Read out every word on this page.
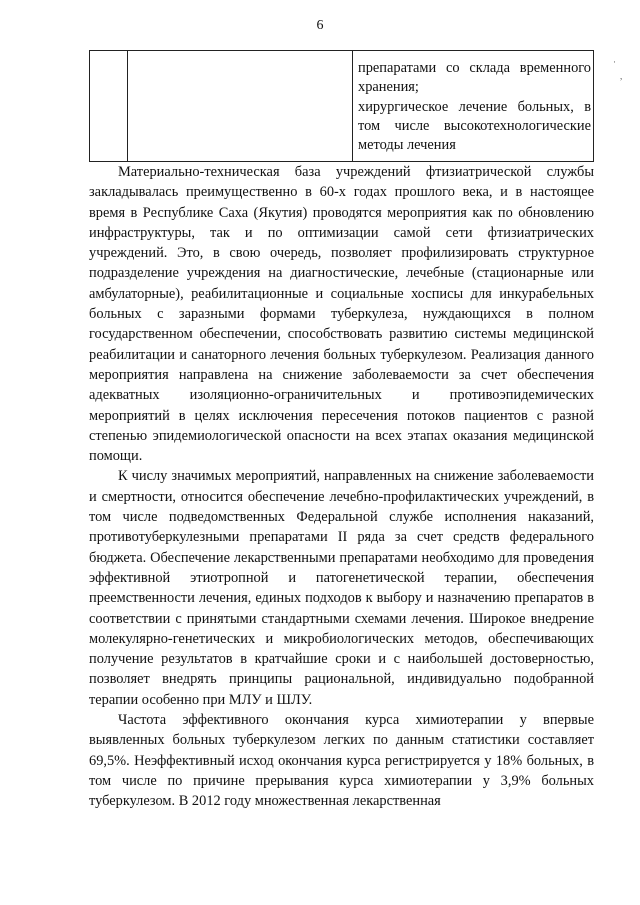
6

препаратами со склада временного хранения;
хирургическое лечение больных, в том числе высокотехнологические методы лечения

Материально-техническая база учреждений фтизиатрической службы закладывалась преимущественно в 60-х годах прошлого века, и в настоящее время в Республике Саха (Якутия) проводятся мероприятия как по обновлению инфраструктуры, так и по оптимизации самой сети фтизиатрических учреждений. Это, в свою очередь, позволяет профилизировать структурное подразделение учреждения на диагностические, лечебные (стационарные или амбулаторные), реабилитационные и социальные хосписы для инкурабельных больных с заразными формами туберкулеза, нуждающихся в полном государственном обеспечении, способствовать развитию системы медицинской реабилитации и санаторного лечения больных туберкулезом. Реализация данного мероприятия направлена на снижение заболеваемости за счет обеспечения адекватных изоляционно-ограничительных и противоэпидемических мероприятий в целях исключения пересечения потоков пациентов с разной степенью эпидемиологической опасности на всех этапах оказания медицинской помощи.

К числу значимых мероприятий, направленных на снижение заболеваемости и смертности, относится обеспечение лечебно-профилактических учреждений, в том числе подведомственных Федеральной службе исполнения наказаний, противотуберкулезными препаратами II ряда за счет средств федерального бюджета. Обеспечение лекарственными препаратами необходимо для проведения эффективной этиотропной и патогенетической терапии, обеспечения преемственности лечения, единых подходов к выбору и назначению препаратов в соответствии с принятыми стандартными схемами лечения. Широкое внедрение молекулярно-генетических и микробиологических методов, обеспечивающих получение результатов в кратчайшие сроки и с наибольшей достоверностью, позволяет внедрять принципы рациональной, индивидуально подобранной терапии особенно при МЛУ и ШЛУ.

Частота эффективного окончания курса химиотерапии у впервые выявленных больных туберкулезом легких по данным статистики составляет 69,5%. Неэффективный исход окончания курса регистрируется у 18% больных, в том числе по причине прерывания курса химиотерапии у 3,9% больных туберкулезом. В 2012 году множественная лекарственная

·
,
